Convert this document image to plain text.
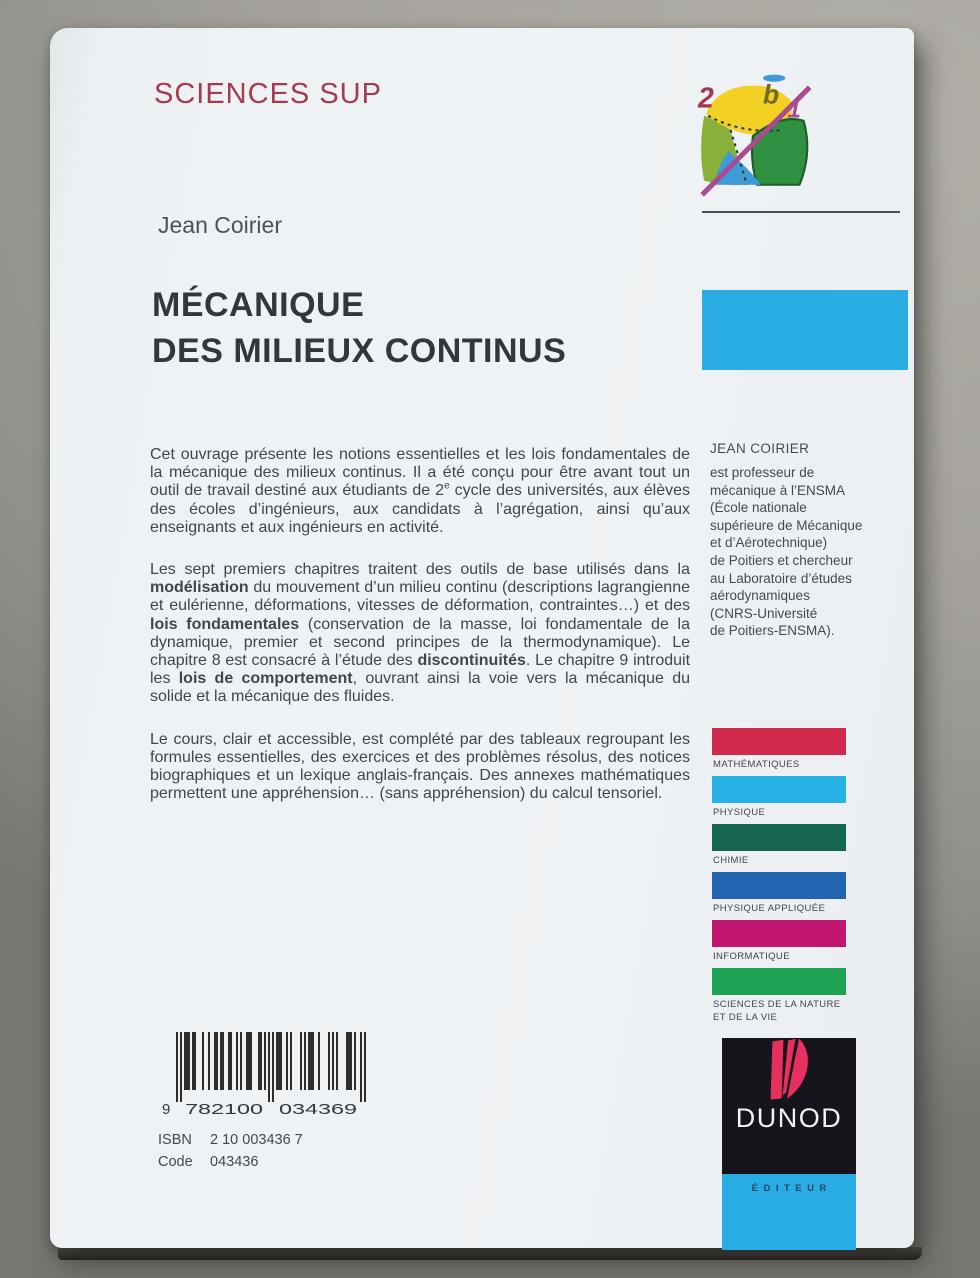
SCIENCES SUP	2 b
1
Jean Coirier
MÉCANIQUE
DES MILIEUX CONTINUS

Cet ouvrage présente les notions essentielles et les lois fondamentales de la mécanique des milieux continus. Il a été conçu pour être avant tout un outil de travail destiné aux étudiants de 2e cycle des universités, aux élèves des écoles d’ingénieurs, aux candidats à l’agrégation, ainsi qu’aux enseignants et aux ingénieurs en activité.

Les sept premiers chapitres traitent des outils de base utilisés dans la modélisation du mouvement d’un milieu continu (descriptions lagrangienne et eulérienne, déformations, vitesses de déformation, contraintes…) et des lois fondamentales (conservation de la masse, loi fondamentale de la dynamique, premier et second principes de la thermodynamique). Le chapitre 8 est consacré à l’étude des discontinuités. Le chapitre 9 introduit les lois de comportement, ouvrant ainsi la voie vers la mécanique du solide et la mécanique des fluides.

Le cours, clair et accessible, est complété par des tableaux regroupant les formules essentielles, des exercices et des problèmes résolus, des notices biographiques et un lexique anglais-français. Des annexes mathématiques permettent une appréhension… (sans appréhension) du calcul tensoriel.

JEAN COIRIER
est professeur de
mécanique à l’ENSMA
(École nationale
supérieure de Mécanique
et d’Aérotechnique)
de Poitiers et chercheur
au Laboratoire d’études
aérodynamiques
(CNRS-Université
de Poitiers-ENSMA).
MATHÉMATIQUES
PHYSIQUE
CHIMIE
PHYSIQUE APPLIQUÉE
INFORMATIQUE
SCIENCES DE LA NATURE ET DE LA VIE
9 782100 034369
ISBN 2 10 003436 7
Code 043436
DUNOD
ÉDITEUR
